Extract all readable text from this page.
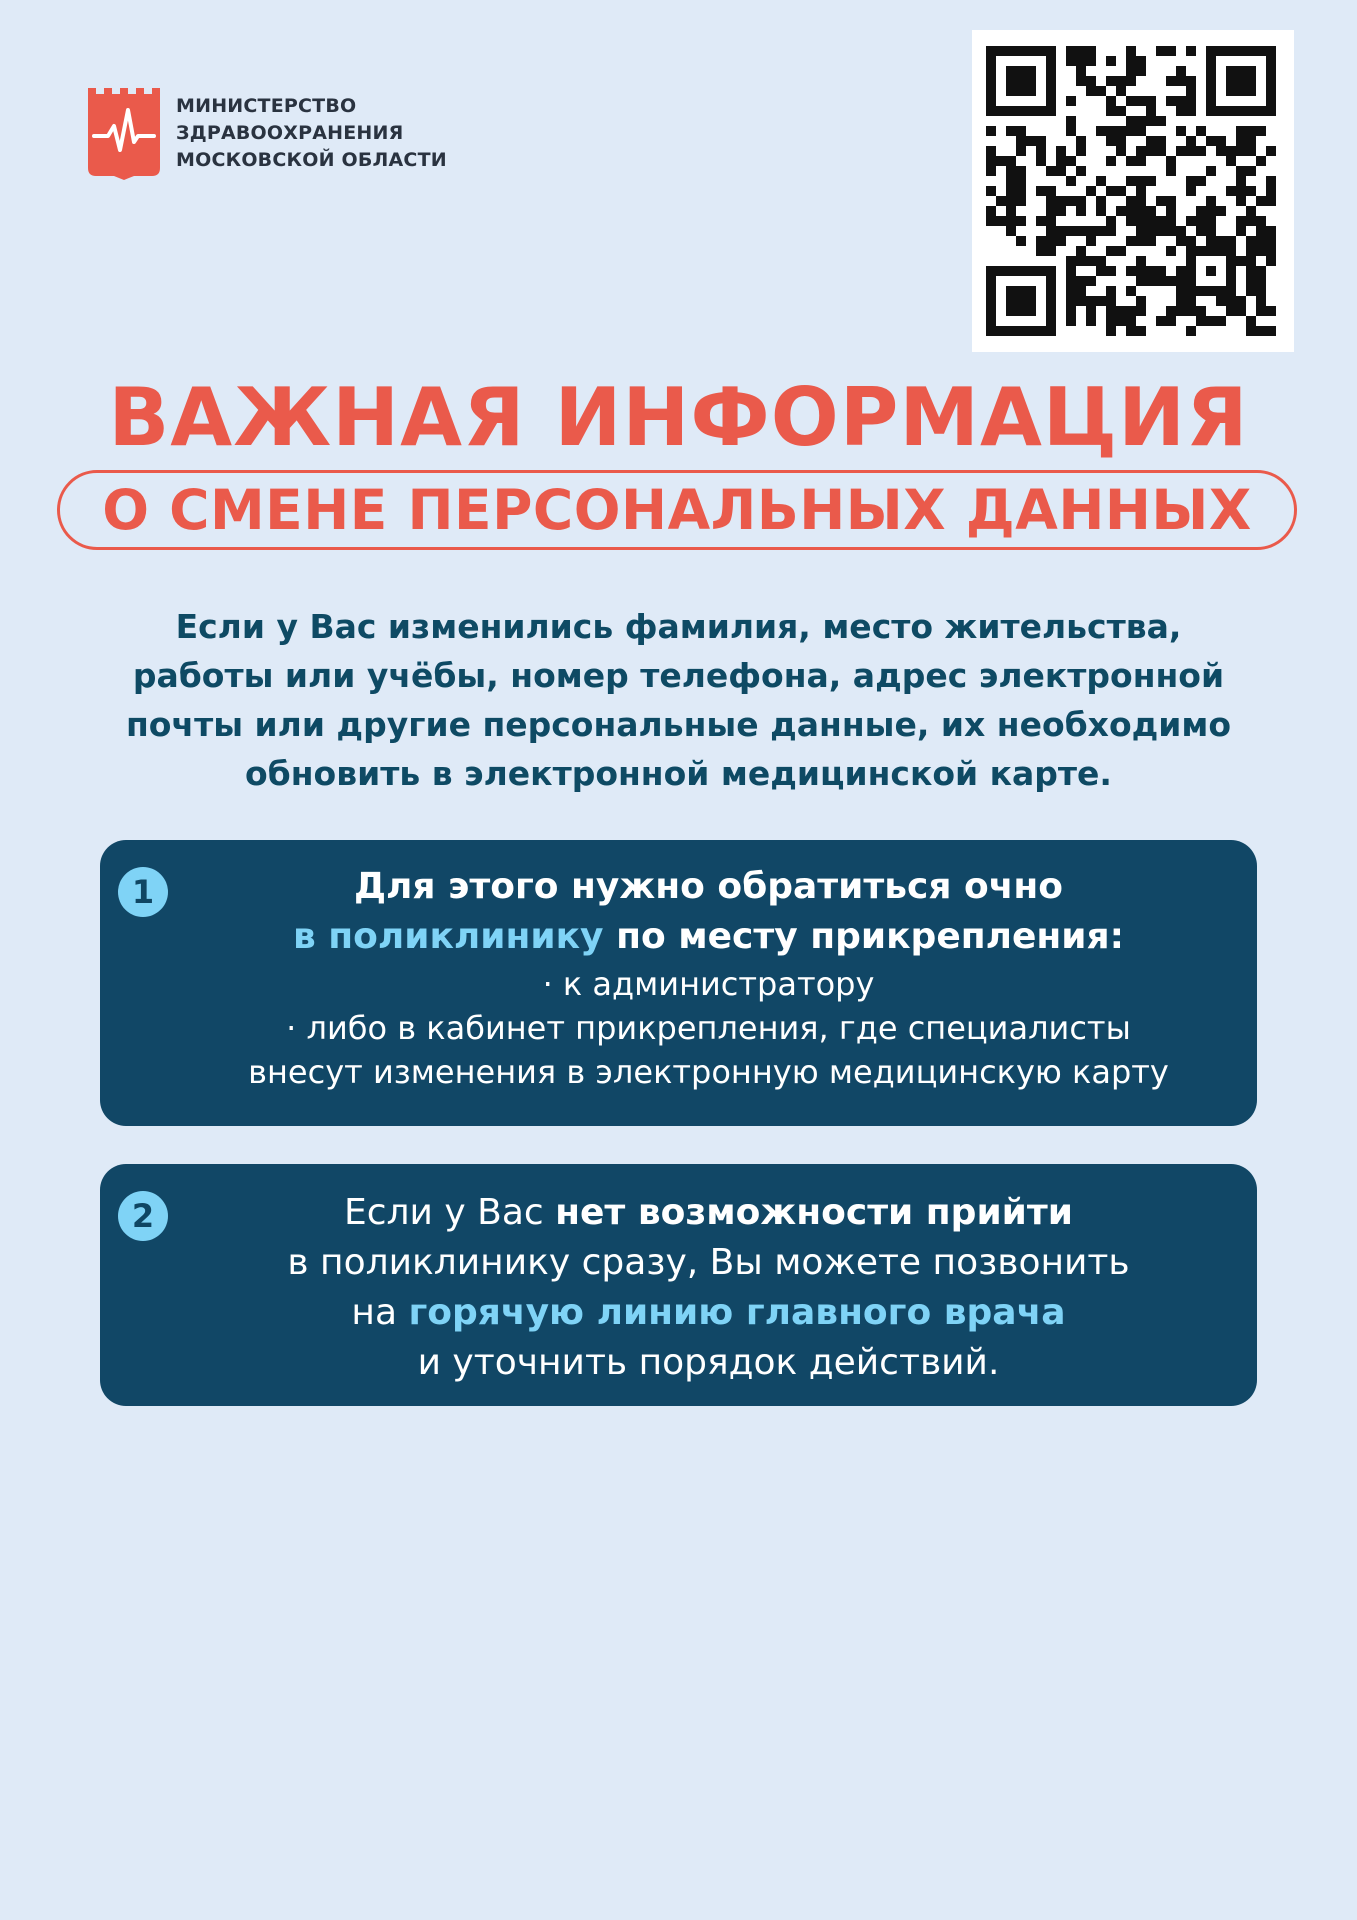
МИНИСТЕРСТВО
ЗДРАВООХРАНЕНИЯ
МОСКОВСКОЙ ОБЛАСТИ
ВАЖНАЯ ИНФОРМАЦИЯ
О СМЕНЕ ПЕРСОНАЛЬНЫХ ДАННЫХ
Если у Вас изменились фамилия, место жительства,
работы или учёбы, номер телефона, адрес электронной
почты или другие персональные данные, их необходимо
обновить в электронной медицинской карте.
1	Для этого нужно обратиться очно
в поликлинику по месту прикрепления:
· к администратору
· либо в кабинет прикрепления, где специалисты
внесут изменения в электронную медицинскую карту
2	Если у Вас нет возможности прийти
в поликлинику сразу, Вы можете позвонить
на горячую линию главного врача
и уточнить порядок действий.
